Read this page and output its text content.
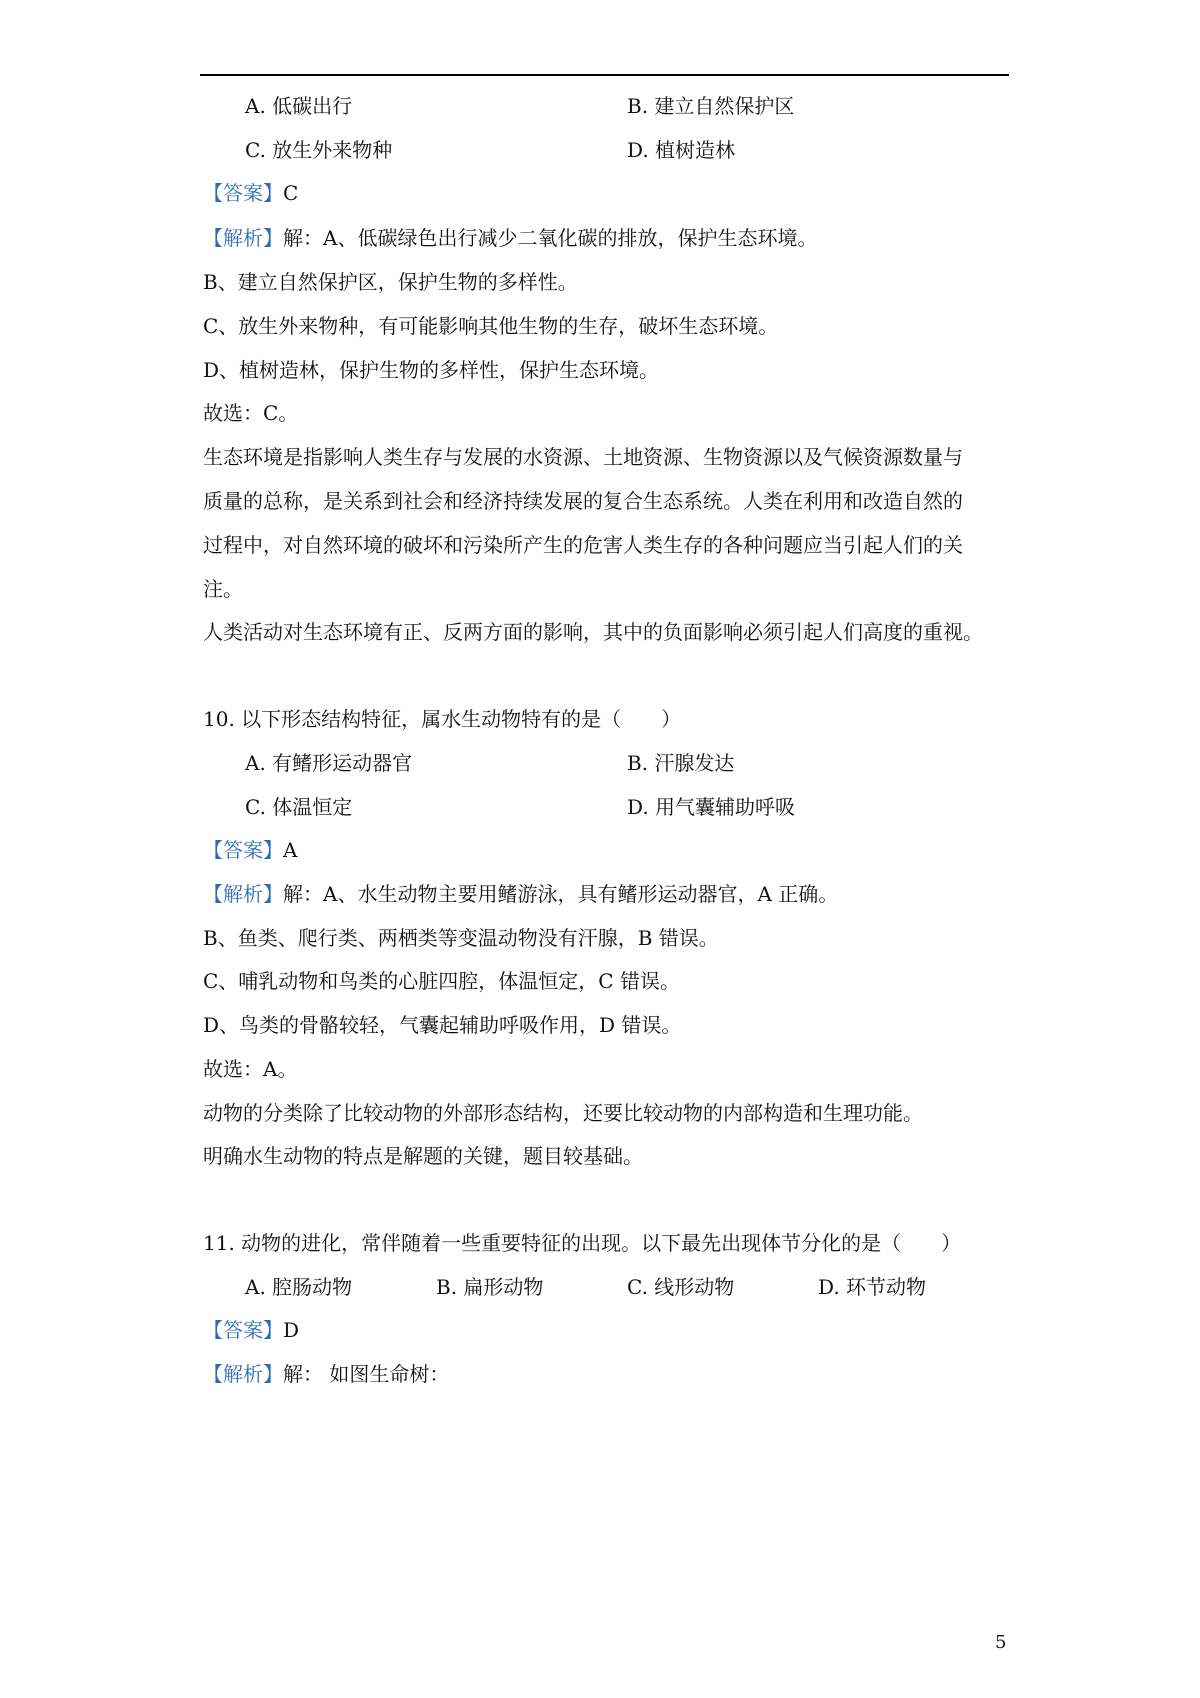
A. 低碳出行	B. 建立自然保护区
C. 放生外来物种	D. 植树造林
【答案】C
【解析】解：A、低碳绿色出行减少二氧化碳的排放，保护生态环境。
B、建立自然保护区，保护生物的多样性。
C、放生外来物种，有可能影响其他生物的生存，破坏生态环境。
D、植树造林，保护生物的多样性，保护生态环境。
故选：C。
生态环境是指影响人类生存与发展的水资源、土地资源、生物资源以及气候资源数量与
质量的总称，是关系到社会和经济持续发展的复合生态系统。人类在利用和改造自然的
过程中，对自然环境的破坏和污染所产生的危害人类生存的各种问题应当引起人们的关
注。
人类活动对生态环境有正、反两方面的影响，其中的负面影响必须引起人们高度的重视。
10. 以下形态结构特征，属水生动物特有的是（　　）
A. 有鳍形运动器官	B. 汗腺发达
C. 体温恒定	D. 用气囊辅助呼吸
【答案】A
【解析】解：A、水生动物主要用鳍游泳，具有鳍形运动器官，A 正确。
B、鱼类、爬行类、两栖类等变温动物没有汗腺，B 错误。
C、哺乳动物和鸟类的心脏四腔，体温恒定，C 错误。
D、鸟类的骨骼较轻，气囊起辅助呼吸作用，D 错误。
故选：A。
动物的分类除了比较动物的外部形态结构，还要比较动物的内部构造和生理功能。
明确水生动物的特点是解题的关键，题目较基础。
11. 动物的进化，常伴随着一些重要特征的出现。以下最先出现体节分化的是（　　）
A. 腔肠动物	B. 扁形动物	C. 线形动物	D. 环节动物
【答案】D
【解析】解： 如图生命树：
5
